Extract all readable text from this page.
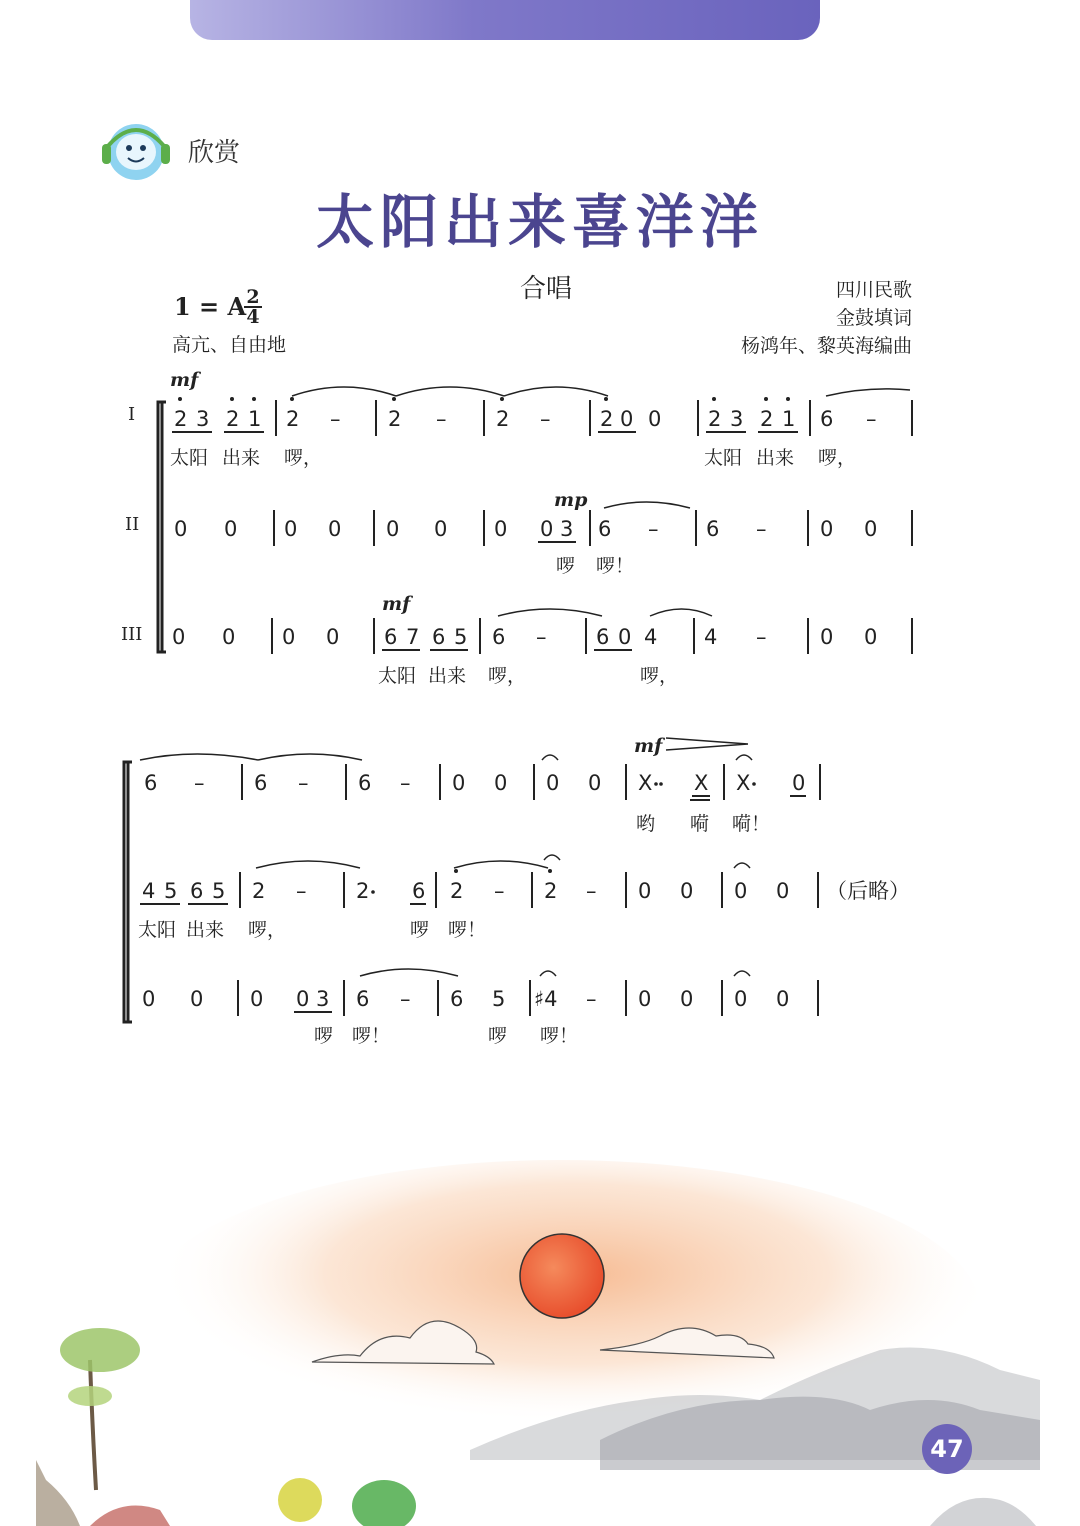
欣赏
太阳出来喜洋洋
合唱	四川民歌
金鼓填词
杨鸿年、黎英海编曲
1 = A 2
4
高亢、自由地
I
II
III
mf
2 3 2 1 2 – 2 – 2 – 2 0 0 2 3 2 1 6 –
太阳 出来 啰，	太阳 出来 啰，
mp
0 0 0 0 0 0 0 0 3 6 – 6 –	0 0
啰 啰！
mf
0 0 0 0 6 7 6 5 6 – 6 0 4 4 –	0 0
太阳 出来 啰，	啰，
mf
6 – 6 – 6 – 0 0 0 0 X X X 0
哟 嗬 嗬！
4 5 6 5 2 – 2 6 2 – 2 – 0 0 0 0 （后略）
太阳 出来 啰，	啰 啰！
0 0 0 0 3 6 – 6 5 ♯4 – 0 0 0 0
啰 啰！	啰 啰！
47
